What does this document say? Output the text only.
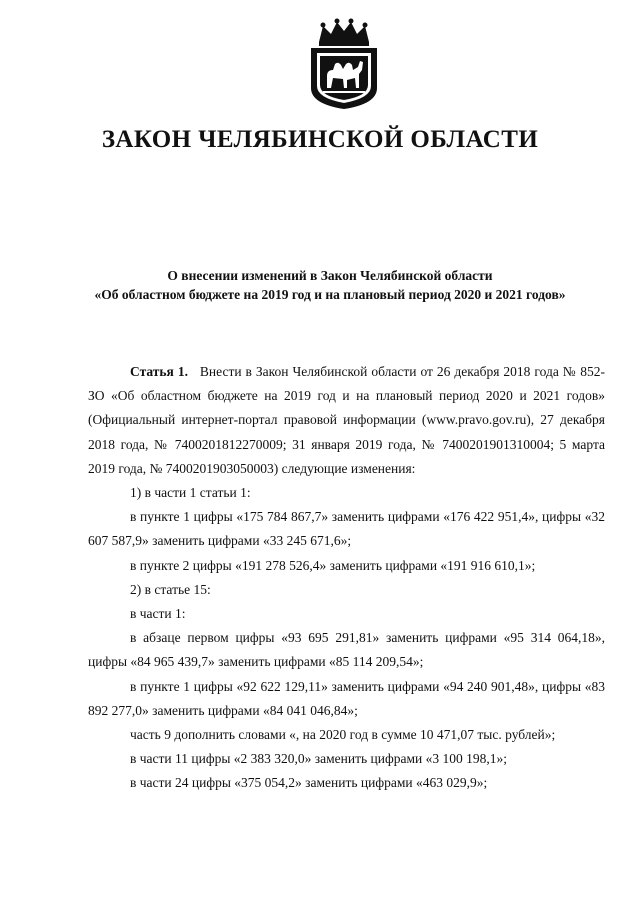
ЗАКОН ЧЕЛЯБИНСКОЙ ОБЛАСТИ
О внесении изменений в Закон Челябинской области
«Об областном бюджете на 2019 год и на плановый период 2020 и 2021 годов»

Статья 1. Внести в Закон Челябинской области от 26 декабря 2018 года № 852-ЗО «Об областном бюджете на 2019 год и на плановый период 2020 и 2021 годов» (Официальный интернет-портал правовой информации (www.pravo.gov.ru), 27 декабря 2018 года, № 7400201812270009; 31 января 2019 года, № 7400201901310004; 5 марта 2019 года, № 7400201903050003) следующие изменения:

1) в части 1 статьи 1:

в пункте 1 цифры «175 784 867,7» заменить цифрами «176 422 951,4», цифры «32 607 587,9» заменить цифрами «33 245 671,6»;

в пункте 2 цифры «191 278 526,4» заменить цифрами «191 916 610,1»;

2) в статье 15:

в части 1:

в абзаце первом цифры «93 695 291,81» заменить цифрами «95 314 064,18», цифры «84 965 439,7» заменить цифрами «85 114 209,54»;

в пункте 1 цифры «92 622 129,11» заменить цифрами «94 240 901,48», цифры «83 892 277,0» заменить цифрами «84 041 046,84»;

часть 9 дополнить словами «, на 2020 год в сумме 10 471,07 тыс. рублей»;

в части 11 цифры «2 383 320,0» заменить цифрами «3 100 198,1»;

в части 24 цифры «375 054,2» заменить цифрами «463 029,9»;
